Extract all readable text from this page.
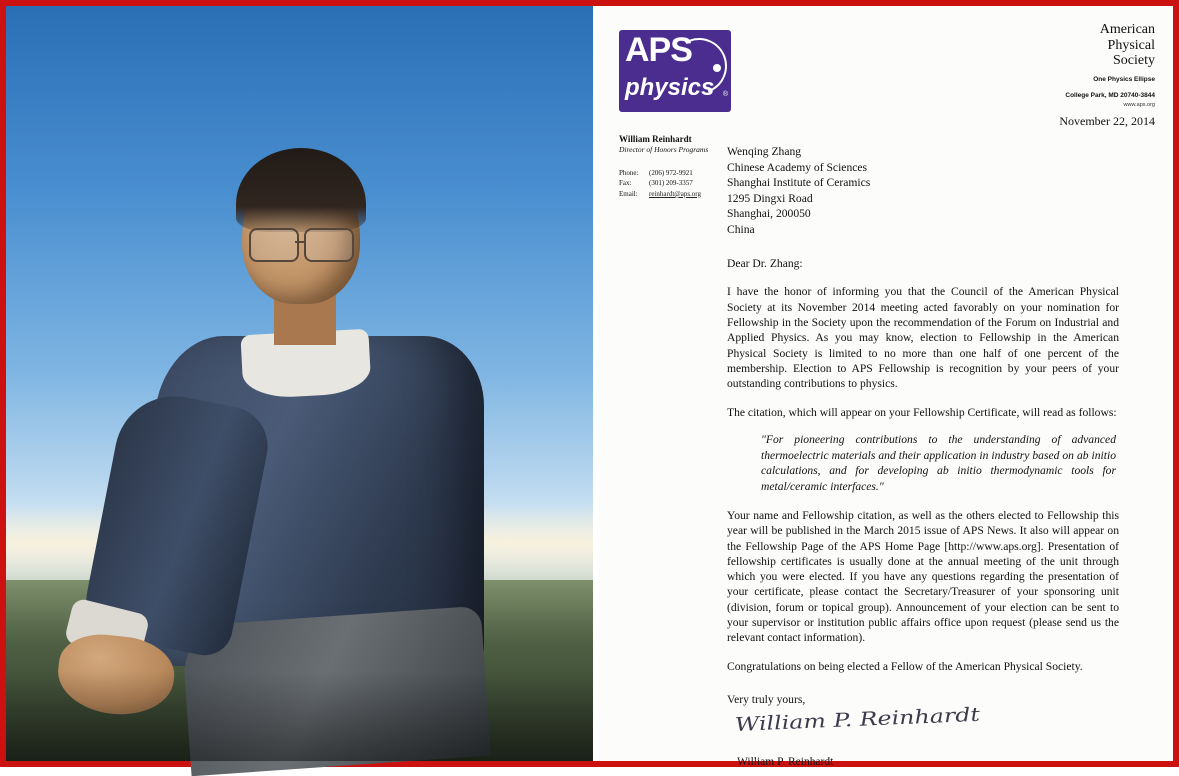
APS
physics ®
American
Physical
Society
One Physics Ellipse
College Park, MD 20740-3844
www.aps.org
William Reinhardt
Director of Honors Programs
Phone: (206) 972-9921
Fax:	(301) 209-3357
Email: reinhardt@aps.org
November 22, 2014
Wenqing Zhang
Chinese Academy of Sciences
Shanghai Institute of Ceramics
1295 Dingxi Road
Shanghai, 200050
China
Dear Dr. Zhang:
I have the honor of informing you that the Council of the American Physical Society at its November 2014 meeting acted favorably on your nomination for Fellowship in the Society upon the recommendation of the Forum on Industrial and Applied Physics. As you may know, election to Fellowship in the American Physical Society is limited to no more than one half of one percent of the membership. Election to APS Fellowship is recognition by your peers of your outstanding contributions to physics.
The citation, which will appear on your Fellowship Certificate, will read as follows:
"For pioneering contributions to the understanding of advanced thermoelectric materials and their application in industry based on ab initio calculations, and for developing ab initio thermodynamic tools for metal/ceramic interfaces."
Your name and Fellowship citation, as well as the others elected to Fellowship this year will be published in the March 2015 issue of APS News. It also will appear on the Fellowship Page of the APS Home Page [http://www.aps.org]. Presentation of fellowship certificates is usually done at the annual meeting of the unit through which you were elected. If you have any questions regarding the presentation of your certificate, please contact the Secretary/Treasurer of your sponsoring unit (division, forum or topical group). Announcement of your election can be sent to your supervisor or institution public affairs office upon request (please send us the relevant contact information).
Congratulations on being elected a Fellow of the American Physical Society.
Very truly yours,
William P. Reinhardt
William P. Reinhardt
